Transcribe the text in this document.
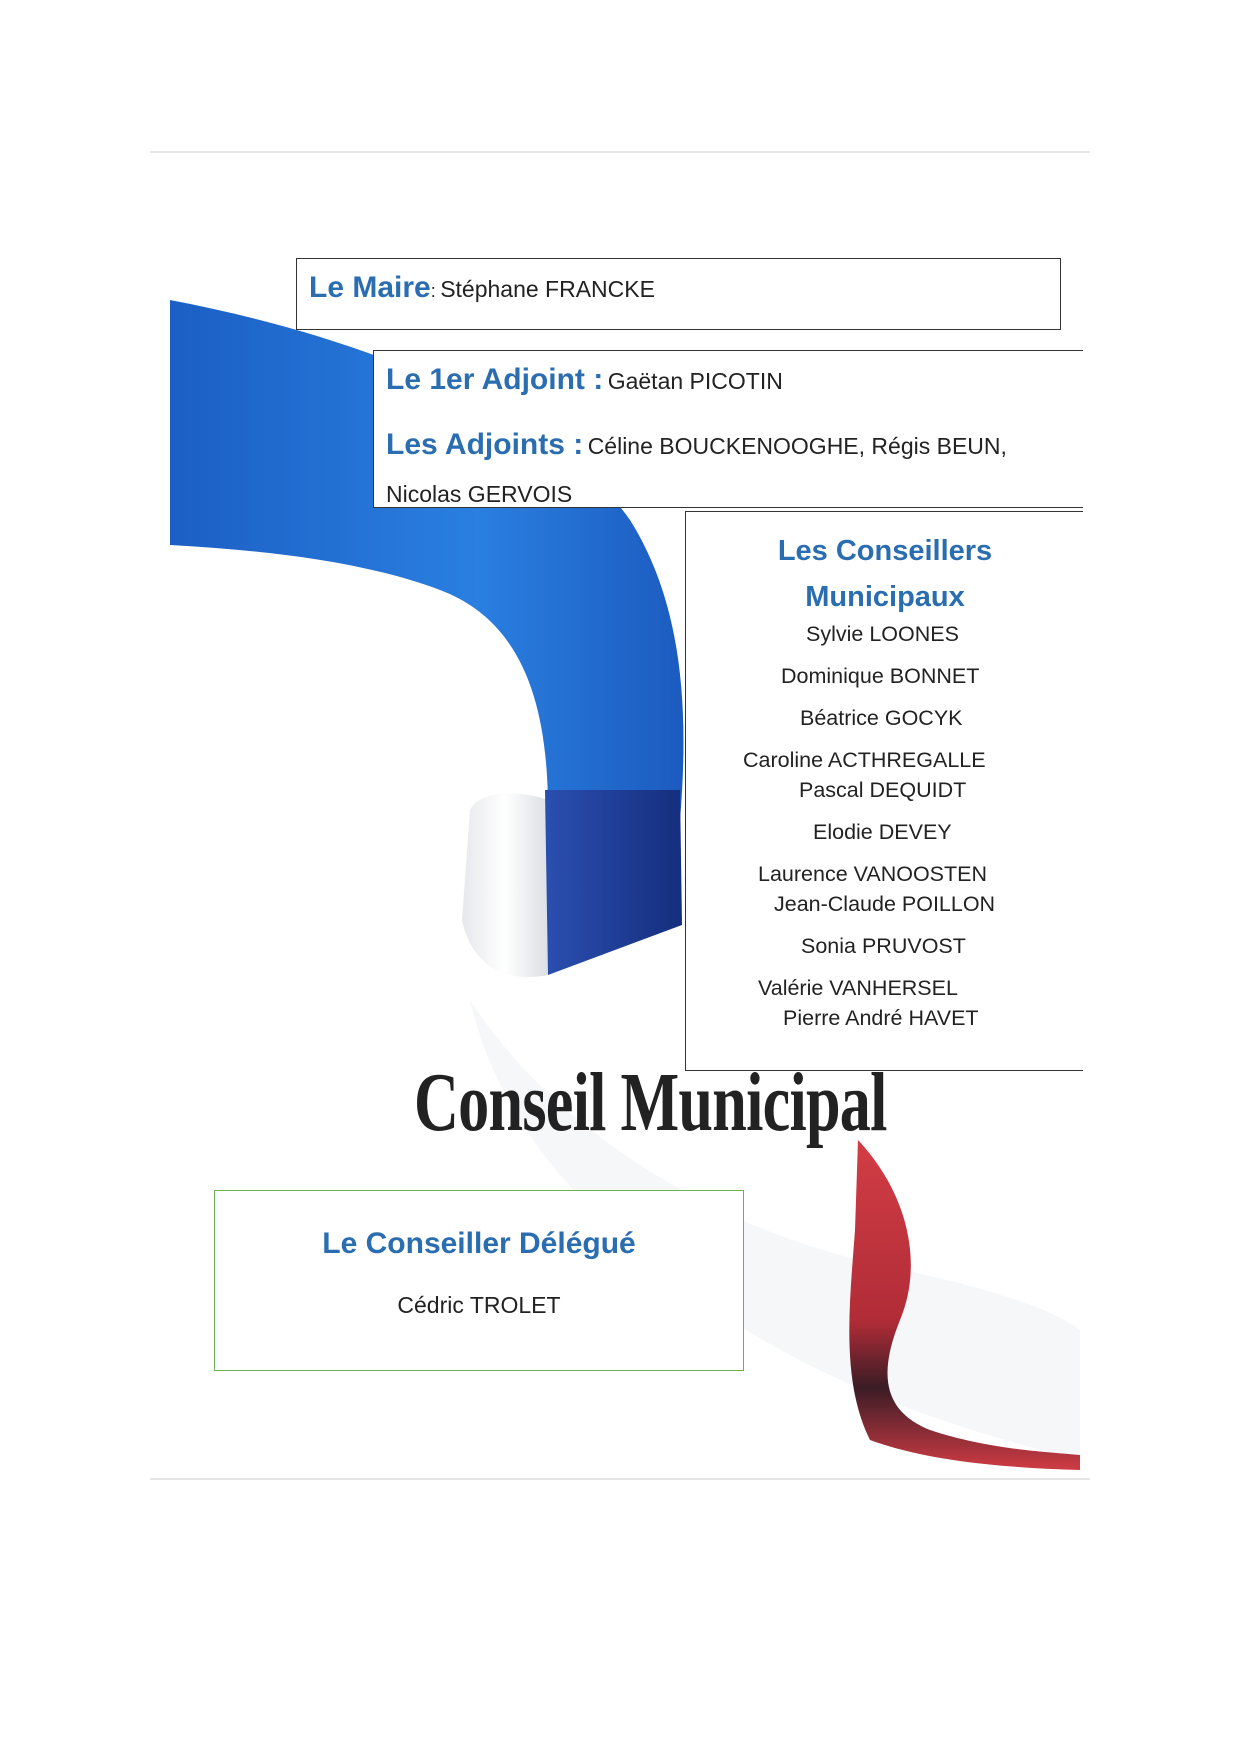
Le Maire: Stéphane FRANCKE
Le 1er Adjoint : Gaëtan PICOTIN
Les Adjoints : Céline BOUCKENOOGHE, Régis BEUN, Nicolas GERVOIS
Les Conseillers
Municipaux
Sylvie LOONES
Dominique BONNET
Béatrice GOCYK
Caroline ACTHREGALLE
Pascal DEQUIDT
Elodie DEVEY
Laurence VANOOSTEN
Jean-Claude POILLON
Sonia PRUVOST
Valérie VANHERSEL
Pierre André HAVET
Conseil Municipal
Le Conseiller Délégué
Cédric TROLET
